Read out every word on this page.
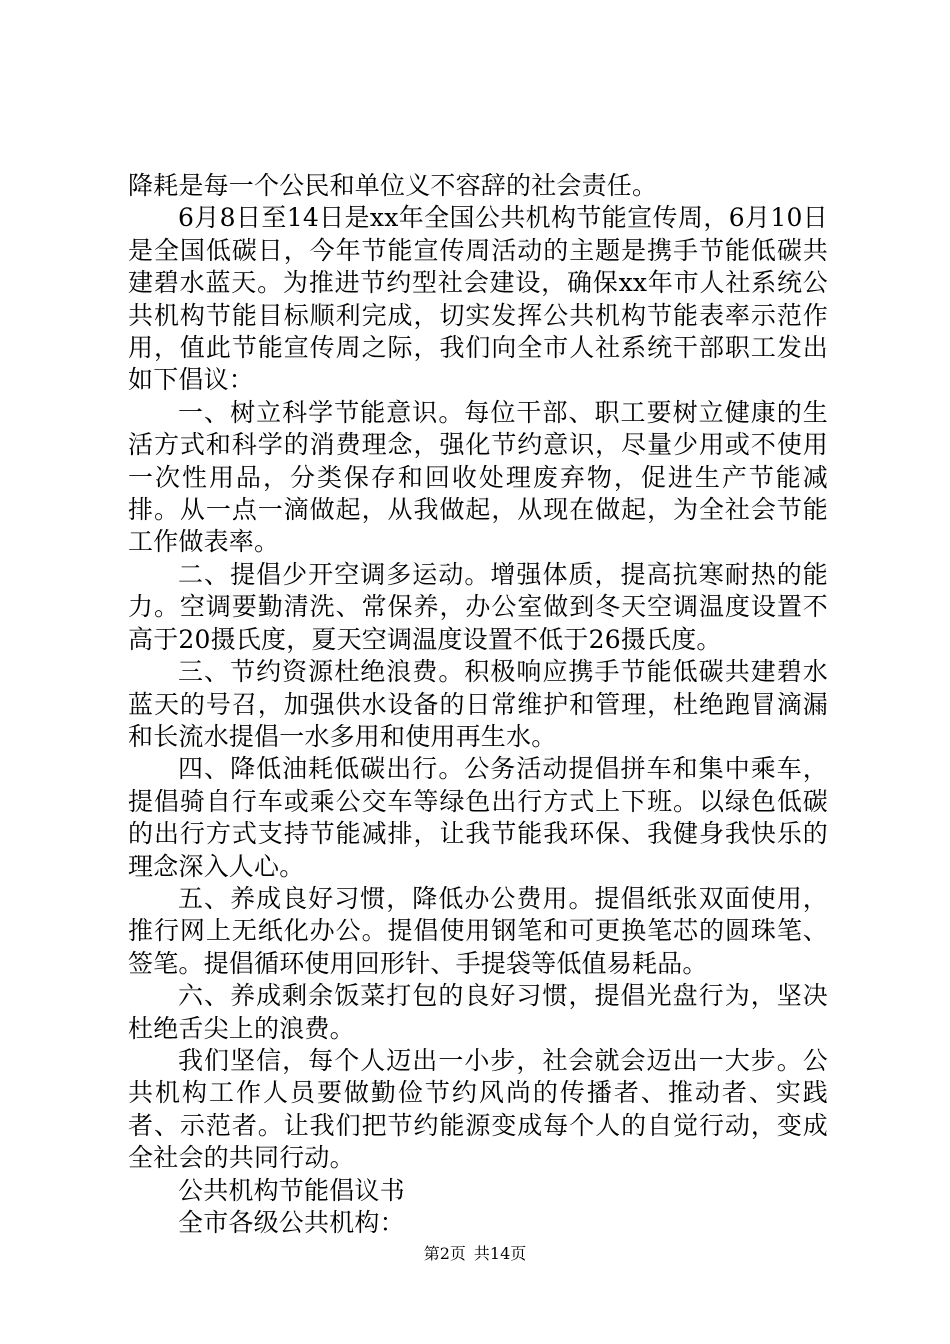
降耗是每一个公民和单位义不容辞的社会责任。

6月8日至14日是xx年全国公共机构节能宣传周，6月10日是全国低碳日，今年节能宣传周活动的主题是携手节能低碳共建碧水蓝天。为推进节约型社会建设，确保xx年市人社系统公共机构节能目标顺利完成，切实发挥公共机构节能表率示范作用，值此节能宣传周之际，我们向全市人社系统干部职工发出如下倡议：

一、树立科学节能意识。每位干部、职工要树立健康的生活方式和科学的消费理念，强化节约意识，尽量少用或不使用一次性用品，分类保存和回收处理废弃物，促进生产节能减排。从一点一滴做起，从我做起，从现在做起，为全社会节能工作做表率。

二、提倡少开空调多运动。增强体质，提高抗寒耐热的能力。空调要勤清洗、常保养，办公室做到冬天空调温度设置不高于20摄氏度，夏天空调温度设置不低于26摄氏度。

三、节约资源杜绝浪费。积极响应携手节能低碳共建碧水蓝天的号召，加强供水设备的日常维护和管理，杜绝跑冒滴漏和长流水提倡一水多用和使用再生水。

四、降低油耗低碳出行。公务活动提倡拼车和集中乘车，提倡骑自行车或乘公交车等绿色出行方式上下班。以绿色低碳的出行方式支持节能减排，让我节能我环保、我健身我快乐的理念深入人心。

五、养成良好习惯，降低办公费用。提倡纸张双面使用，推行网上无纸化办公。提倡使用钢笔和可更换笔芯的圆珠笔、签笔。提倡循环使用回形针、手提袋等低值易耗品。

六、养成剩余饭菜打包的良好习惯，提倡光盘行为，坚决杜绝舌尖上的浪费。

我们坚信，每个人迈出一小步，社会就会迈出一大步。公共机构工作人员要做勤俭节约风尚的传播者、推动者、实践者、示范者。让我们把节约能源变成每个人的自觉行动，变成全社会的共同行动。

公共机构节能倡议书

全市各级公共机构：

第2页 共14页
